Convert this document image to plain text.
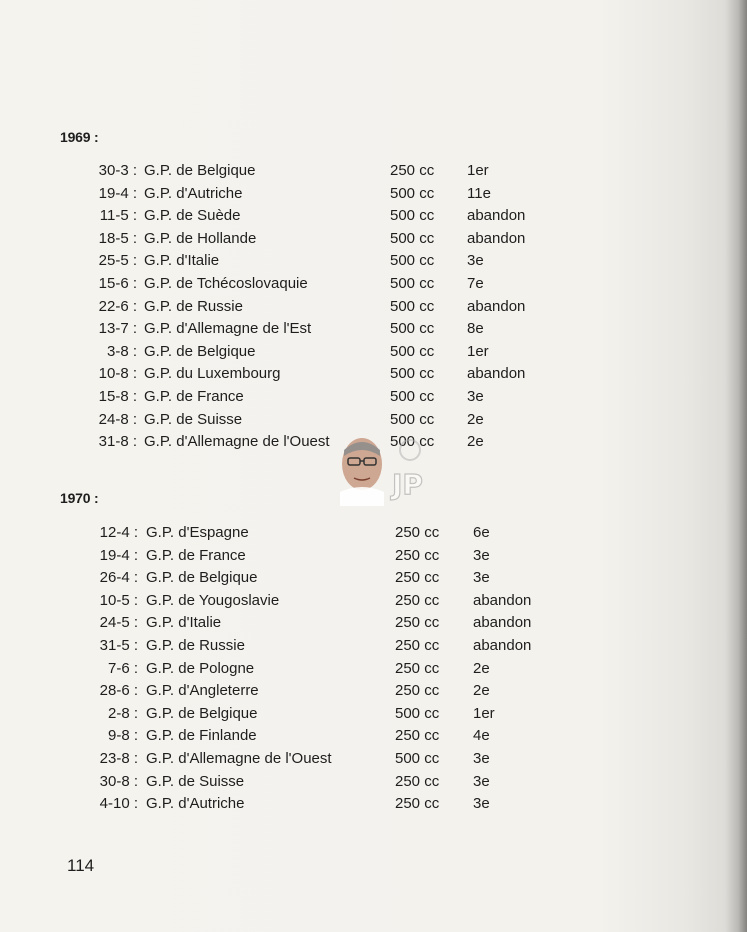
1969 :
30-3 : G.P. de Belgique	250 cc 1er
19-4 : G.P. d'Autriche	500 cc 11e
11-5 : G.P. de Suède	500 cc abandon
18-5 : G.P. de Hollande	500 cc abandon
25-5 : G.P. d'Italie	500 cc 3e
15-6 : G.P. de Tchécoslovaquie	500 cc 7e
22-6 : G.P. de Russie	500 cc abandon
13-7 : G.P. d'Allemagne de l'Est	500 cc 8e
3-8 : G.P. de Belgique	500 cc 1er
10-8 : G.P. du Luxembourg	500 cc abandon
15-8 : G.P. de France	500 cc 3e
24-8 : G.P. de Suisse	500 cc 2e
31-8 : G.P. d'Allemagne de l'Ouest	500 cc 2e
1970 :
12-4 : G.P. d'Espagne	250 cc 6e
19-4 : G.P. de France	250 cc 3e
26-4 : G.P. de Belgique	250 cc 3e
10-5 : G.P. de Yougoslavie	250 cc abandon
24-5 : G.P. d'Italie	250 cc abandon
31-5 : G.P. de Russie	250 cc abandon
7-6 : G.P. de Pologne	250 cc 2e
28-6 : G.P. d'Angleterre	250 cc 2e
2-8 : G.P. de Belgique	500 cc 1er
9-8 : G.P. de Finlande	250 cc 4e
23-8 : G.P. d'Allemagne de l'Ouest	500 cc 3e
30-8 : G.P. de Suisse	250 cc 3e
4-10 : G.P. d'Autriche	250 cc 3e
JP
114
